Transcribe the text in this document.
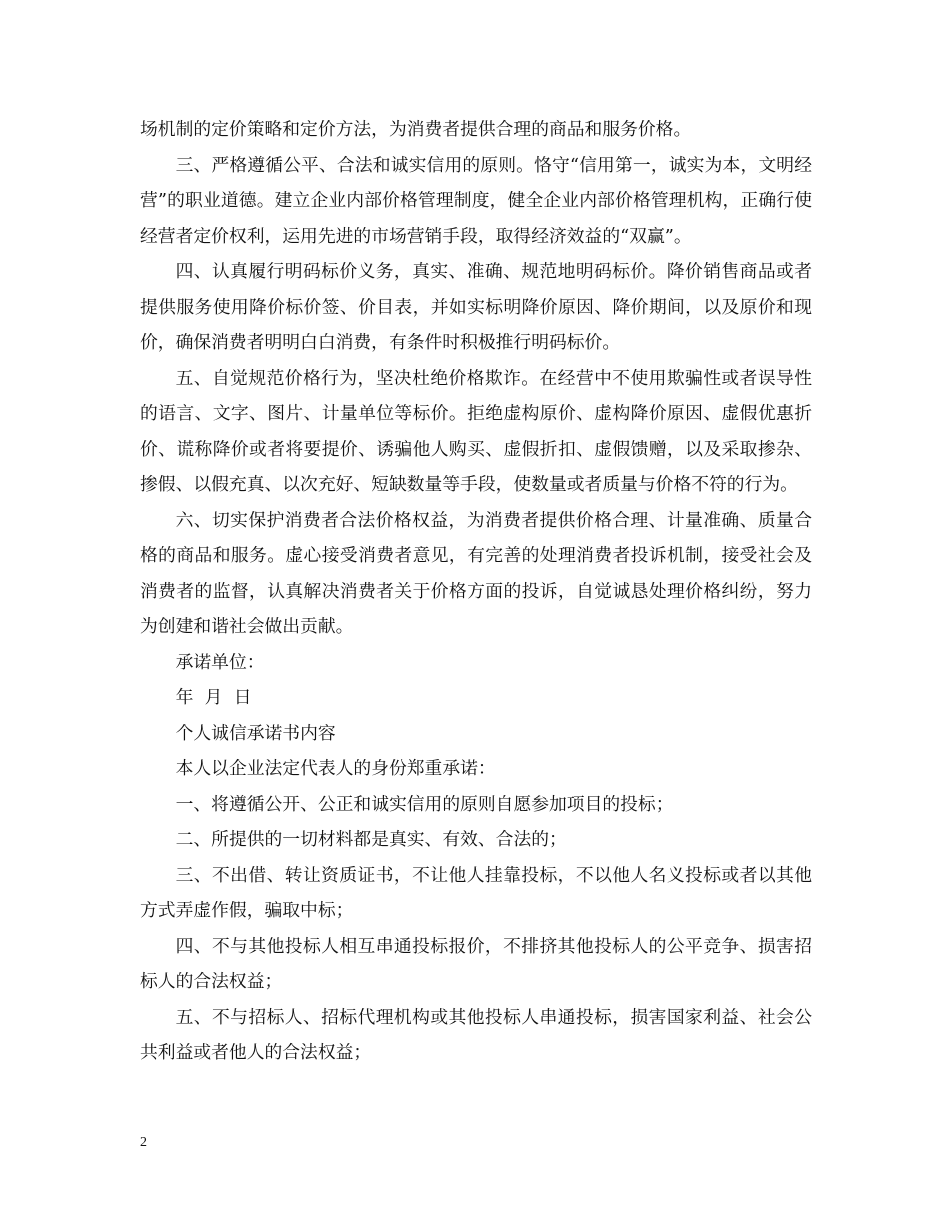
场机制的定价策略和定价方法，为消费者提供合理的商品和服务价格。

三、严格遵循公平、合法和诚实信用的原则。恪守“信用第一，诚实为本，文明经营”的职业道德。建立企业内部价格管理制度，健全企业内部价格管理机构，正确行使经营者定价权利，运用先进的市场营销手段，取得经济效益的“双赢”。

四、认真履行明码标价义务，真实、准确、规范地明码标价。降价销售商品或者提供服务使用降价标价签、价目表，并如实标明降价原因、降价期间，以及原价和现价，确保消费者明明白白消费，有条件时积极推行明码标价。

五、自觉规范价格行为，坚决杜绝价格欺诈。在经营中不使用欺骗性或者误导性的语言、文字、图片、计量单位等标价。拒绝虚构原价、虚构降价原因、虚假优惠折价、谎称降价或者将要提价、诱骗他人购买、虚假折扣、虚假馈赠，以及采取掺杂、掺假、以假充真、以次充好、短缺数量等手段，使数量或者质量与价格不符的行为。

六、切实保护消费者合法价格权益，为消费者提供价格合理、计量准确、质量合格的商品和服务。虚心接受消费者意见，有完善的处理消费者投诉机制，接受社会及消费者的监督，认真解决消费者关于价格方面的投诉，自觉诚恳处理价格纠纷，努力为创建和谐社会做出贡献。

承诺单位：

年  月  日

个人诚信承诺书内容

本人以企业法定代表人的身份郑重承诺：

一、将遵循公开、公正和诚实信用的原则自愿参加项目的投标；

二、所提供的一切材料都是真实、有效、合法的；

三、不出借、转让资质证书，不让他人挂靠投标，不以他人名义投标或者以其他方式弄虚作假，骗取中标；

四、不与其他投标人相互串通投标报价，不排挤其他投标人的公平竞争、损害招标人的合法权益；

五、不与招标人、招标代理机构或其他投标人串通投标，损害国家利益、社会公共利益或者他人的合法权益；

2
